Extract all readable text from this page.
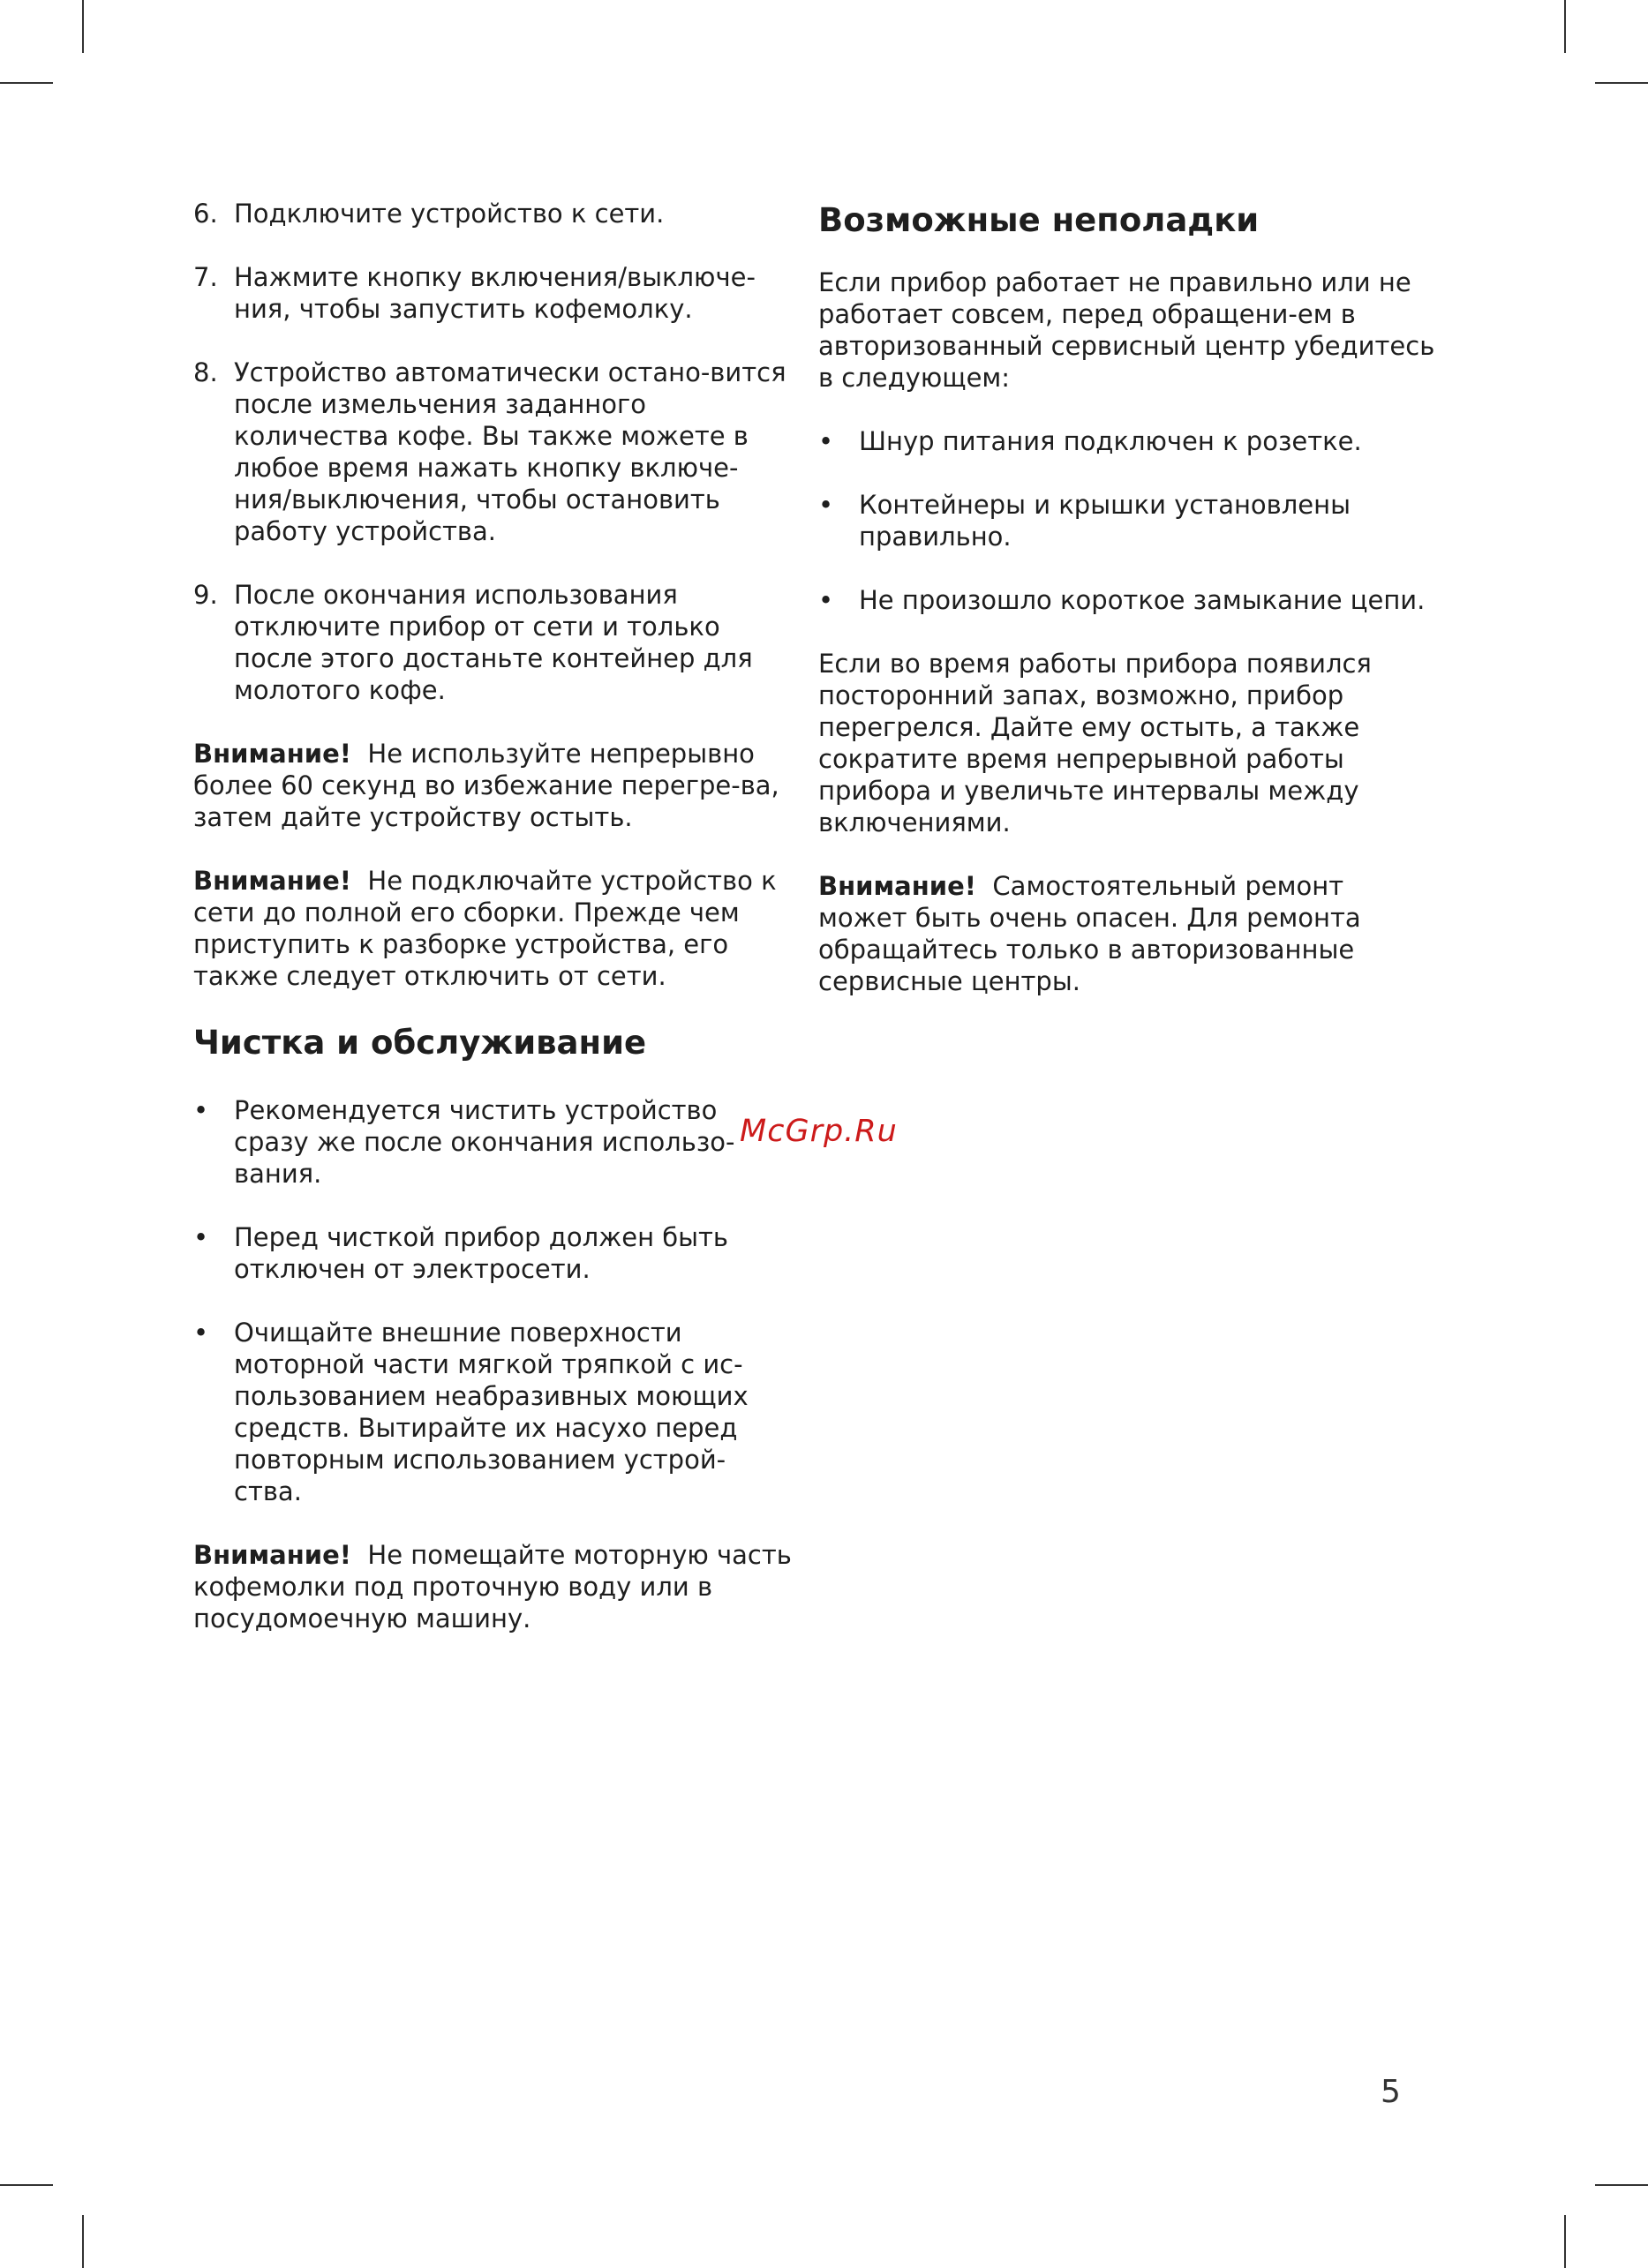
6. Подключите устройство к сети.
7. Нажмите кнопку включения/выключе-ния, чтобы запустить кофемолку.
8. Устройство автоматически остано-вится после измельчения заданного количества кофе. Вы также можете в любое время нажать кнопку включе-ния/выключения, чтобы остановить работу устройства.
9. После окончания использования отключите прибор от сети и только после этого достаньте контейнер для молотого кофе.

Внимание! Не используйте непрерывно более 60 секунд во избежание перегре-ва, затем дайте устройству остыть.

Внимание! Не подключайте устройство к сети до полной его сборки. Прежде чем приступить к разборке устройства, его также следует отключить от сети.

Чистка и обслуживание
• Рекомендуется чистить устройство сразу же после окончания использо-вания.
• Перед чисткой прибор должен быть отключен от электросети.
• Очищайте внешние поверхности моторной части мягкой тряпкой с ис-пользованием неабразивных моющих средств. Вытирайте их насухо перед повторным использованием устрой-ства.

Внимание! Не помещайте моторную часть кофемолки под проточную воду или в посудомоечную машину.

Возможные неполадки

Если прибор работает не правильно или не работает совсем, перед обращени-ем в авторизованный сервисный центр убедитесь в следующем:

• Шнур питания подключен к розетке.
• Контейнеры и крышки установлены правильно.
• Не произошло короткое замыкание цепи.

Если во время работы прибора появился посторонний запах, возможно, прибор перегрелся. Дайте ему остыть, а также сократите время непрерывной работы прибора и увеличьте интервалы между включениями.

Внимание! Самостоятельный ремонт может быть очень опасен. Для ремонта обращайтесь только в авторизованные сервисные центры.

McGrp.Ru
5
